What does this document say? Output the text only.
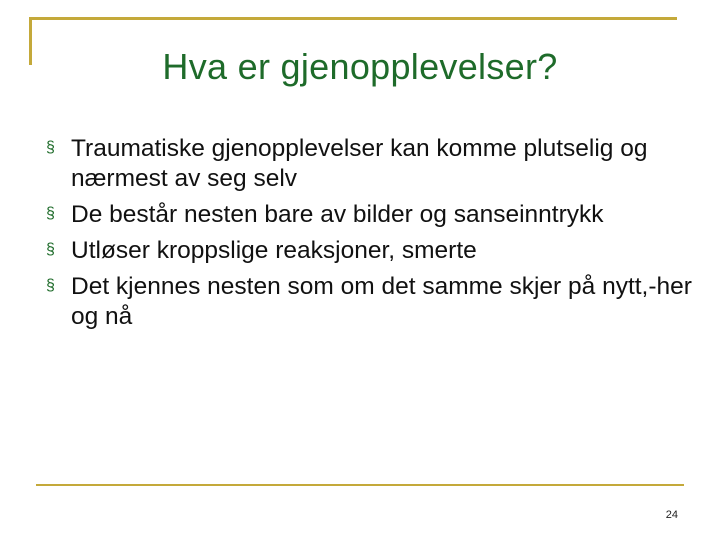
Hva er gjenopplevelser?
§ Traumatiske gjenopplevelser kan komme plutselig og nærmest av seg selv
§ De består nesten bare av bilder og sanseinntrykk
§ Utløser kroppslige reaksjoner, smerte
§ Det kjennes nesten som om det samme skjer på nytt,-her og nå
24
